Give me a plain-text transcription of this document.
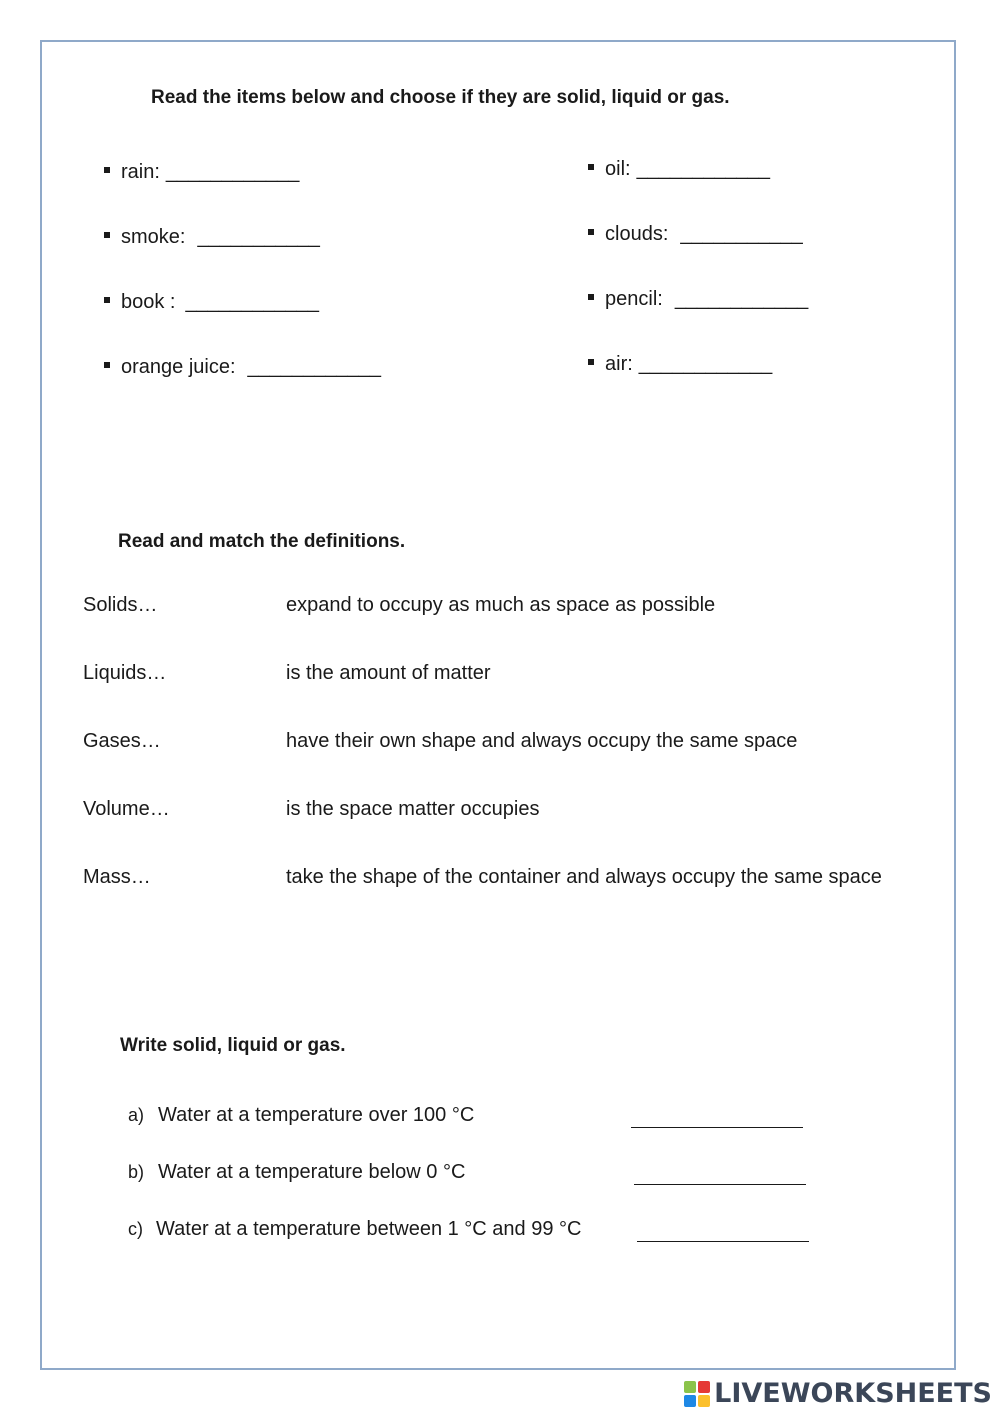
Read the items below and choose if they are solid, liquid or gas.
rain: ____________
smoke: ___________
book : ____________
orange juice: ____________
oil: ____________
clouds: ___________
pencil: ____________
air: ____________
Read and match the definitions.
Solids…
Liquids…
Gases…
Volume…
Mass…
expand to occupy as much as space as possible
is the amount of matter
have their own shape and always occupy the same space
is the space matter occupies
take the shape of the container and always occupy the same space
Write solid, liquid or gas.
a) Water at a temperature over 100 °C
b) Water at a temperature below 0 °C
c) Water at a temperature between 1 °C and 99 °C
LIVEWORKSHEETS
